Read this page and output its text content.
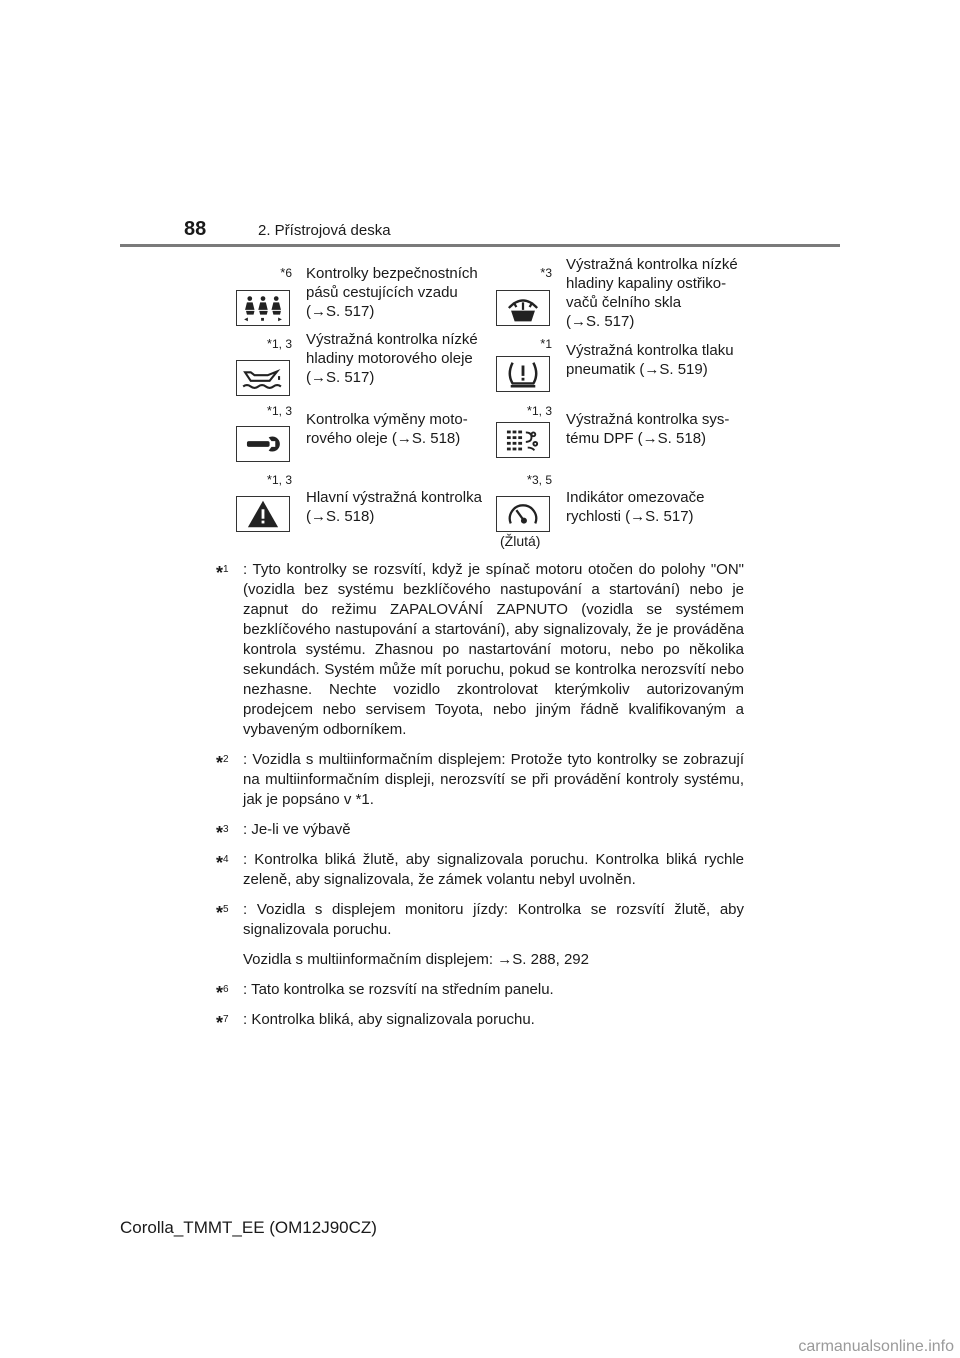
88	2. Přístrojová deska
*6 Kontrolky bezpečnostních
pásů cestujících vzadu
(→S. 517)
*3 Výstražná kontrolka nízké
hladiny kapaliny ostřiko-
vačů čelního skla
(→S. 517)
*1, 3 Výstražná kontrolka nízké
hladiny motorového oleje
(→S. 517)
*1 Výstražná kontrolka tlaku
pneumatik (→S. 519)
*1, 3 Kontrolka výměny moto-
rového oleje (→S. 518)
*1, 3 Výstražná kontrolka sys-
tému DPF (→S. 518)
*1, 3
Hlavní výstražná kontrolka
(→S. 518)
*3, 5
(Žlutá)
Indikátor omezovače
rychlosti (→S. 517)
*$^1$ : Tyto kontrolky se rozsvítí, když je spínač motoru otočen do polohy "ON" (vozidla bez systému bezklíčového nastupování a startování) nebo je zapnut do režimu ZAPALOVÁNÍ ZAPNUTO (vozidla se systémem bezklíčového nastupování a startování), aby signalizovaly, že je prováděna kontrola systému. Zhasnou po nastartování motoru, nebo po několika sekundách. Systém může mít poruchu, pokud se kontrolka nerozsvítí nebo nezhasne. Nechte vozidlo zkontrolovat kterýmkoliv autorizovaným prodejcem nebo servisem Toyota, nebo jiným řádně kvalifikovaným a vybaveným odborníkem.
*$^2$ : Vozidla s multiinformačním displejem: Protože tyto kontrolky se zobrazují na multiinformačním displeji, nerozsvítí se při provádění kontroly systému, jak je popsáno v *1.
*$^3$ : Je-li ve výbavě
*$^4$ : Kontrolka bliká žlutě, aby signalizovala poruchu. Kontrolka bliká rychle zeleně, aby signalizovala, že zámek volantu nebyl uvolněn.
*$^5$ : Vozidla s displejem monitoru jízdy: Kontrolka se rozsvítí žlutě, aby signalizovala poruchu.
Vozidla s multiinformačním displejem: →S. 288, 292
*$^6$ : Tato kontrolka se rozsvítí na středním panelu.
*$^7$ : Kontrolka bliká, aby signalizovala poruchu.
Corolla_TMMT_EE (OM12J90CZ)
carmanualsonline.info
